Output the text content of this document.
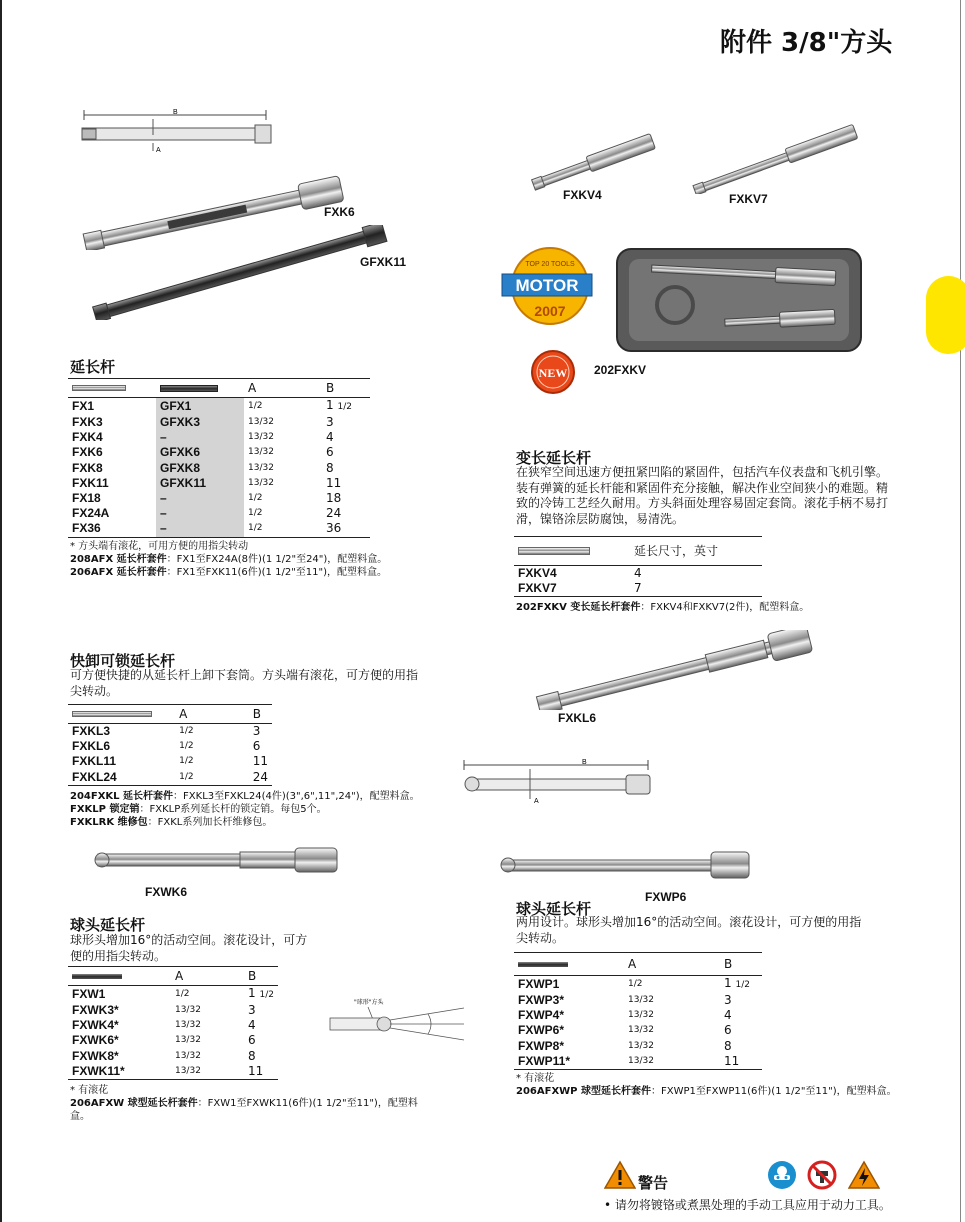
附件 3/8"方头
B
A
FXK6
GFXK11
延长杆

	A	B
FX1	GFX1	1/2	1 1/2
FXK3	GFXK3	13/32	3
FXK4	–	13/32	4
FXK6	GFXK6	13/32	6
FXK8	GFXK8	13/32	8
FXK11	GFXK11	13/32	11
FX18	–	1/2	18
FX24A	–	1/2	24
FX36	–	1/2	36
* 方头端有滚花，可用方便的用指尖转动
208AFX 延长杆套件：FX1至FX24A(8件)(1 1/2"至24")，配塑料盒。
206AFX 延长杆套件：FX1至FXK11(6件)(1 1/2"至11")，配塑料盒。
快卸可锁延长杆
可方便快捷的从延长杆上卸下套筒。方头端有滚花，可方便的用指尖转动。
	A	B
FXKL3	1/2	3
FXKL6	1/2	6
FXKL11	1/2	11
FXKL24	1/2	24
204FXKL 延长杆套件：FXKL3至FXKL24(4件)(3",6",11",24")，配塑料盒。
FXKLP 锁定销：FXKLP系列延长杆的锁定销。每包5个。
FXKLRK 维修包：FXKL系列加长杆维修包。
FXWK6
球头延长杆
球形头增加16°的活动空间。滚花设计，可方便的用指尖转动。
	A	B
FXW1	1/2	1 1/2
FXWK3*	13/32	3
FXWK4*	13/32	4
FXWK6*	13/32	6
FXWK8*	13/32	8
FXWK11*	13/32	11
* 有滚花
206AFXW 球型延长杆套件：FXW1至FXWK11(6件)(1 1/2"至11")，配塑料盒。
"球形"方头
FXKV4	FXKV7
TOP 20 TOOLS
MOTOR
2007
NEW 202FXKV
变长延长杆
在狭窄空间迅速方便扭紧凹陷的紧固件，包括汽车仪表盘和飞机引擎。装有弹簧的延长杆能和紧固件充分接触，解决作业空间狭小的难题。精致的冷铸工艺经久耐用。方头斜面处理容易固定套筒。滚花手柄不易打滑，镍铬涂层防腐蚀，易清洗。
	延长尺寸，英寸
FXKV4	4
FXKV7	7
202FXKV 变长延长杆套件：FXKV4和FXKV7(2件)，配塑料盒。
FXKL6
B
A
FXWP6
球头延长杆
两用设计。球形头增加16°的活动空间。滚花设计，可方便的用指尖转动。
	A	B
FXWP1	1/2	1 1/2
FXWP3*	13/32	3
FXWP4*	13/32	4
FXWP6*	13/32	6
FXWP8*	13/32	8
FXWP11*	13/32	11
* 有滚花
206AFXWP 球型延长杆套件：FXWP1至FXWP11(6件)(1 1/2"至11")，配塑料盒。
警告
• 请勿将镀铬或煮黑处理的手动工具应用于动力工具。
